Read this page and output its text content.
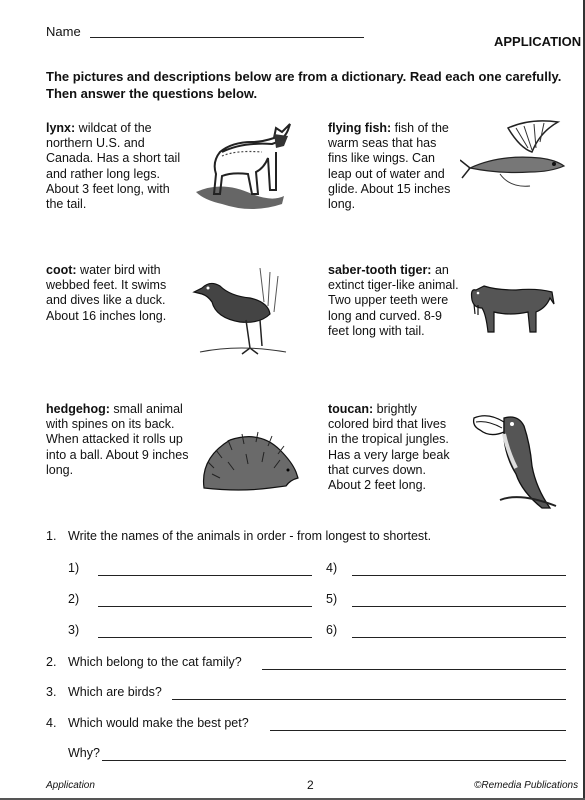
Name
APPLICATION
The pictures and descriptions below are from a dictionary. Read each one carefully. Then answer the questions below.
lynx: wildcat of the northern U.S. and Canada. Has a short tail and rather long legs. About 3 feet long, with the tail.
flying fish: fish of the warm seas that has fins like wings. Can leap out of water and glide. About 15 inches long.
coot: water bird with webbed feet. It swims and dives like a duck. About 16 inches long.
saber-tooth tiger: an extinct tiger-like animal. Two upper teeth were long and curved. 8-9 feet long with tail.
hedgehog: small animal with spines on its back. When attacked it rolls up into a ball. About 9 inches long.
toucan: brightly colored bird that lives in the tropical jungles. Has a very large beak that curves down. About 2 feet long.
1. Write the names of the animals in order - from longest to shortest.
1)	4)
2)	5)
3)	6)
2. Which belong to the cat family?
3. Which are birds?
4. Which would make the best pet?
Why?
Application	2	©Remedia Publications
